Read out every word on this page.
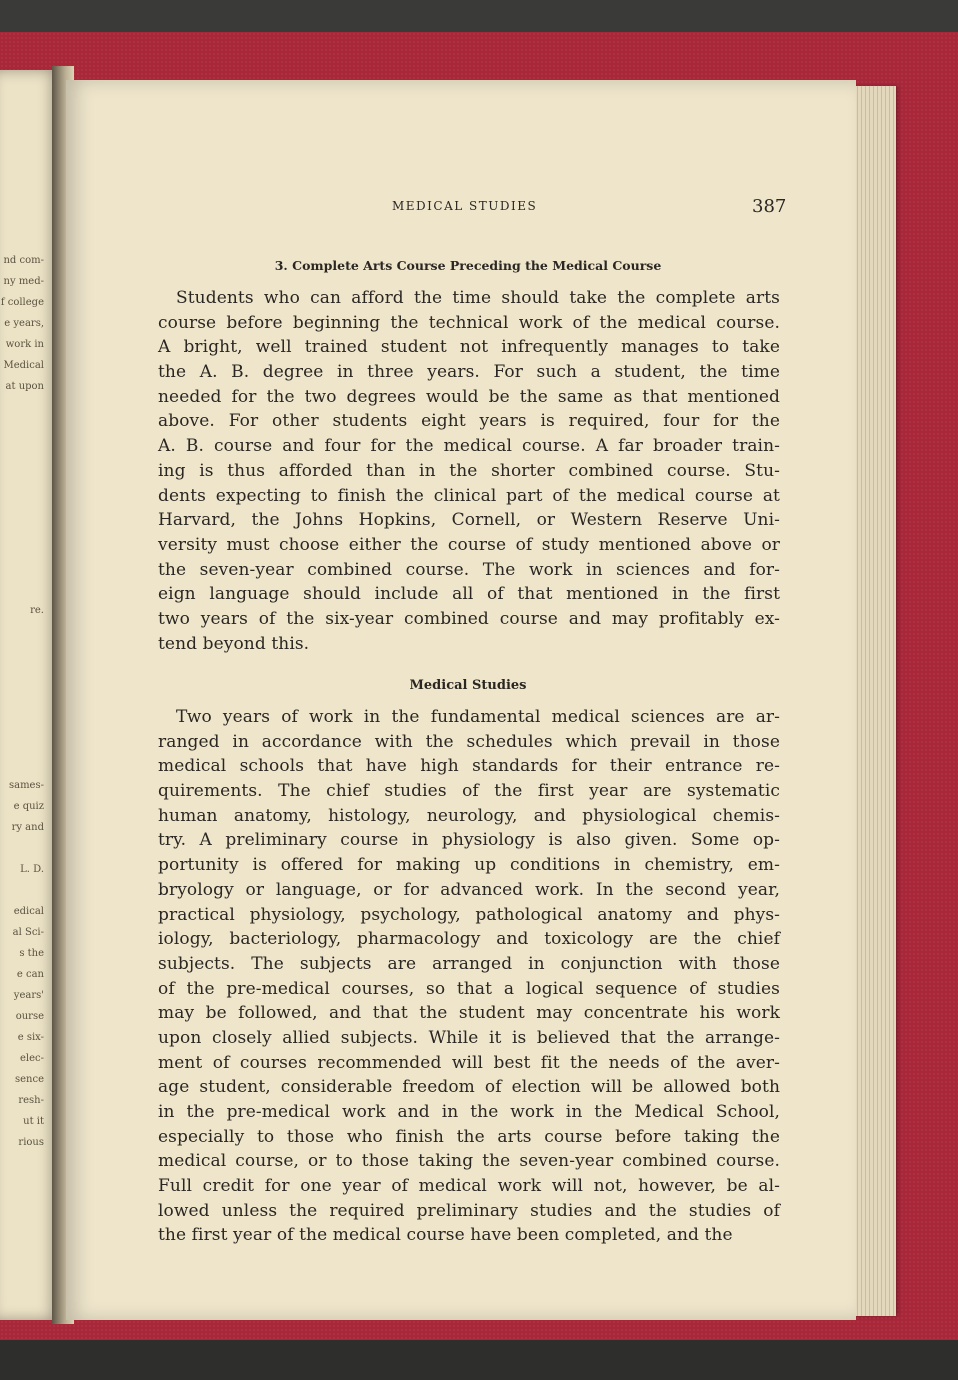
nd com-
ny med-
f college
e years,
work in
Medical
at upon
re.
sames-
e quiz
ry and
L. D.
edical
al Sci-
s the
e can
years'
ourse
e six-
elec-
sence
resh-
ut it
rious
MEDICAL STUDIES	387
3. Complete Arts Course Preceding the Medical Course
Students who can afford the time should take the complete arts
course before beginning the technical work of the medical course.
A bright, well trained student not infrequently manages to take
the A. B. degree in three years. For such a student, the time
needed for the two degrees would be the same as that mentioned
above. For other students eight years is required, four for the
A. B. course and four for the medical course. A far broader train-
ing is thus afforded than in the shorter combined course. Stu-
dents expecting to finish the clinical part of the medical course at
Harvard, the Johns Hopkins, Cornell, or Western Reserve Uni-
versity must choose either the course of study mentioned above or
the seven-year combined course. The work in sciences and for-
eign language should include all of that mentioned in the first
two years of the six-year combined course and may profitably ex-
tend beyond this.
Medical Studies
Two years of work in the fundamental medical sciences are ar-
ranged in accordance with the schedules which prevail in those
medical schools that have high standards for their entrance re-
quirements. The chief studies of the first year are systematic
human anatomy, histology, neurology, and physiological chemis-
try. A preliminary course in physiology is also given. Some op-
portunity is offered for making up conditions in chemistry, em-
bryology or language, or for advanced work. In the second year,
practical physiology, psychology, pathological anatomy and phys-
iology, bacteriology, pharmacology and toxicology are the chief
subjects. The subjects are arranged in conjunction with those
of the pre-medical courses, so that a logical sequence of studies
may be followed, and that the student may concentrate his work
upon closely allied subjects. While it is believed that the arrange-
ment of courses recommended will best fit the needs of the aver-
age student, considerable freedom of election will be allowed both
in the pre-medical work and in the work in the Medical School,
especially to those who finish the arts course before taking the
medical course, or to those taking the seven-year combined course.
Full credit for one year of medical work will not, however, be al-
lowed unless the required preliminary studies and the studies of
the first year of the medical course have been completed, and the
